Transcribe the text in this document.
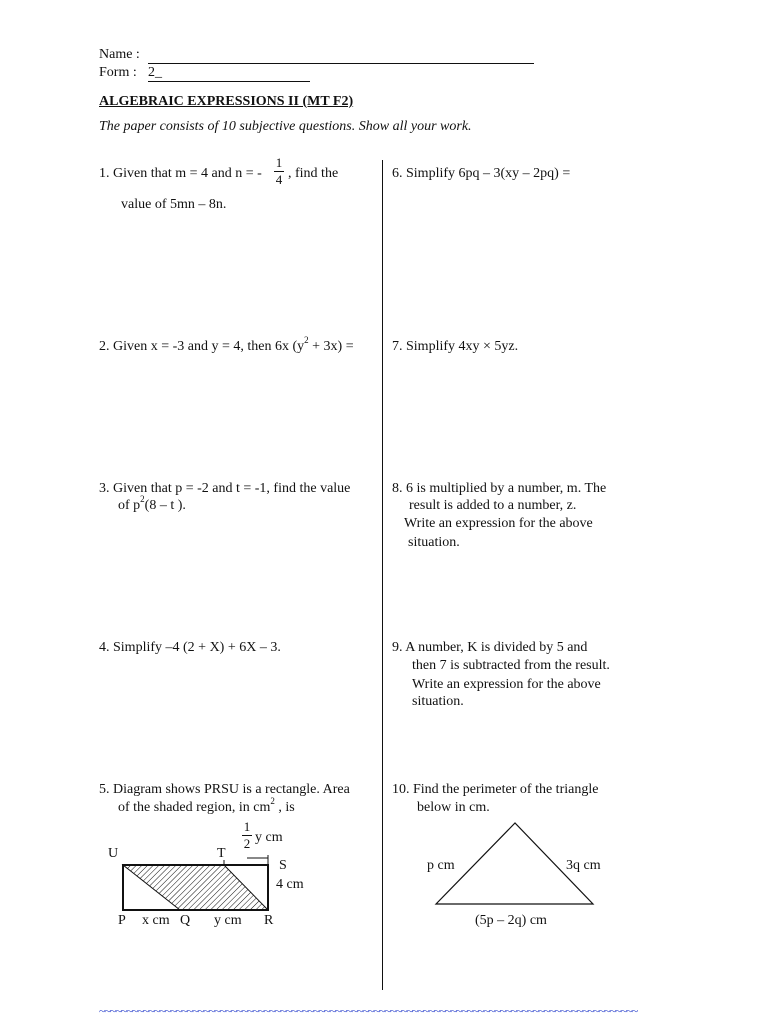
Name :
Form : 2_
ALGEBRAIC EXPRESSIONS II (MT F2)
The paper consists of 10 subjective questions. Show all your work.
1. Given that m = 4 and n = -
1
4 , find the
value of 5mn – 8n.
6. Simplify 6pq – 3(xy – 2pq) =
2. Given x = -3 and y = 4, then 6x $(y^2 + 3x)$ =	7. Simplify 4xy × 5yz.
3. Given that p = -2 and t = -1, find the value
of $p^2(8$ – t ).
8. 6 is multiplied by a number, m. The
result is added to a number, z.
Write an expression for the above
situation.
4. Simplify –4 (2 + X) + 6X – 3.	9. A number, K is divided by 5 and
then 7 is subtracted from the result.
Write an expression for the above
situation.
5. Diagram shows PRSU is a rectangle. Area
of the shaded region, in $cm^2$ , is
1
2 y cm
U	T
S
4 cm
P x cm Q y cm R
10. Find the perimeter of the triangle
below in cm.
p cm	3q cm
(5p – 2q) cm
~~~~~~~~~~~~~~~~~~~~~~~~~~~~~~~~~~~~~~~~~~~~~~~~~~~~~~~~~~~~~~~~~~~~~~~~~~~~~~~~~~~~~~~~~~~~~~~~~~
